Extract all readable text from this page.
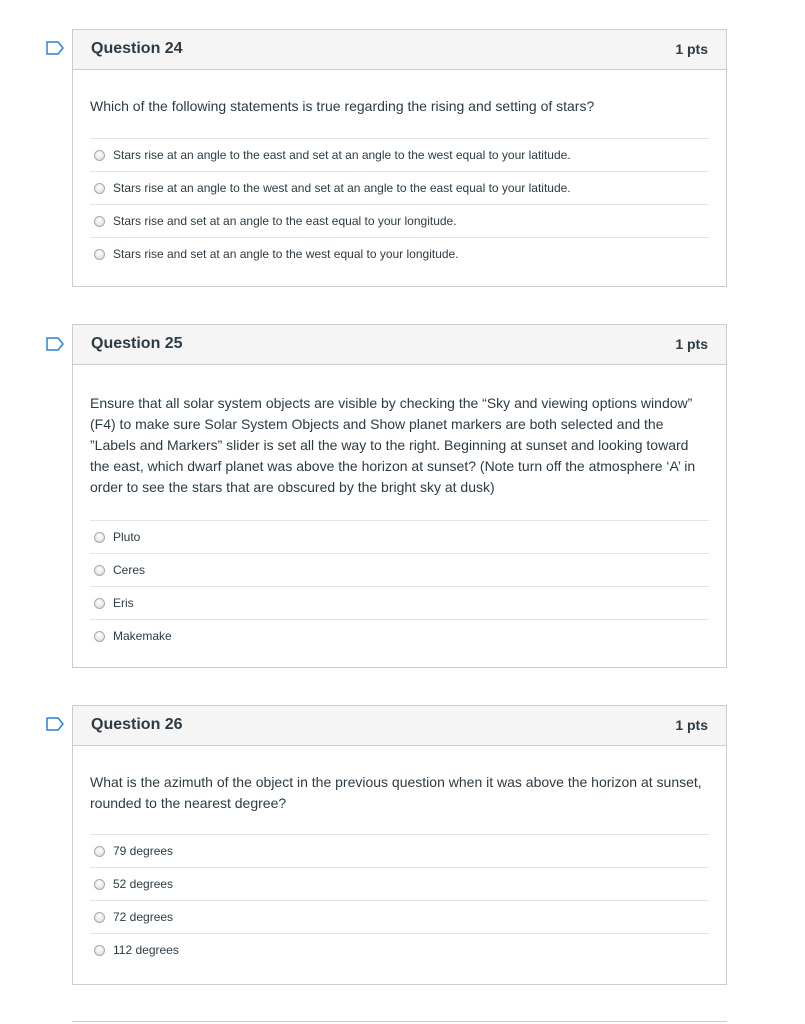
Question 24	1 pts

Which of the following statements is true regarding the rising and setting of stars?

Stars rise at an angle to the east and set at an angle to the west equal to your latitude.
Stars rise at an angle to the west and set at an angle to the east equal to your latitude.
Stars rise and set at an angle to the east equal to your longitude.
Stars rise and set at an angle to the west equal to your longitude.
Question 25	1 pts

Ensure that all solar system objects are visible by checking the “Sky and viewing options window” (F4) to make sure Solar System Objects and Show planet markers are both selected and the ”Labels and Markers” slider is set all the way to the right. Beginning at sunset and looking toward the east, which dwarf planet was above the horizon at sunset? (Note turn off the atmosphere ‘A’ in order to see the stars that are obscured by the bright sky at dusk)

Pluto
Ceres
Eris
Makemake
Question 26	1 pts

What is the azimuth of the object in the previous question when it was above the horizon at sunset, rounded to the nearest degree?

79 degrees
52 degrees
72 degrees
112 degrees
